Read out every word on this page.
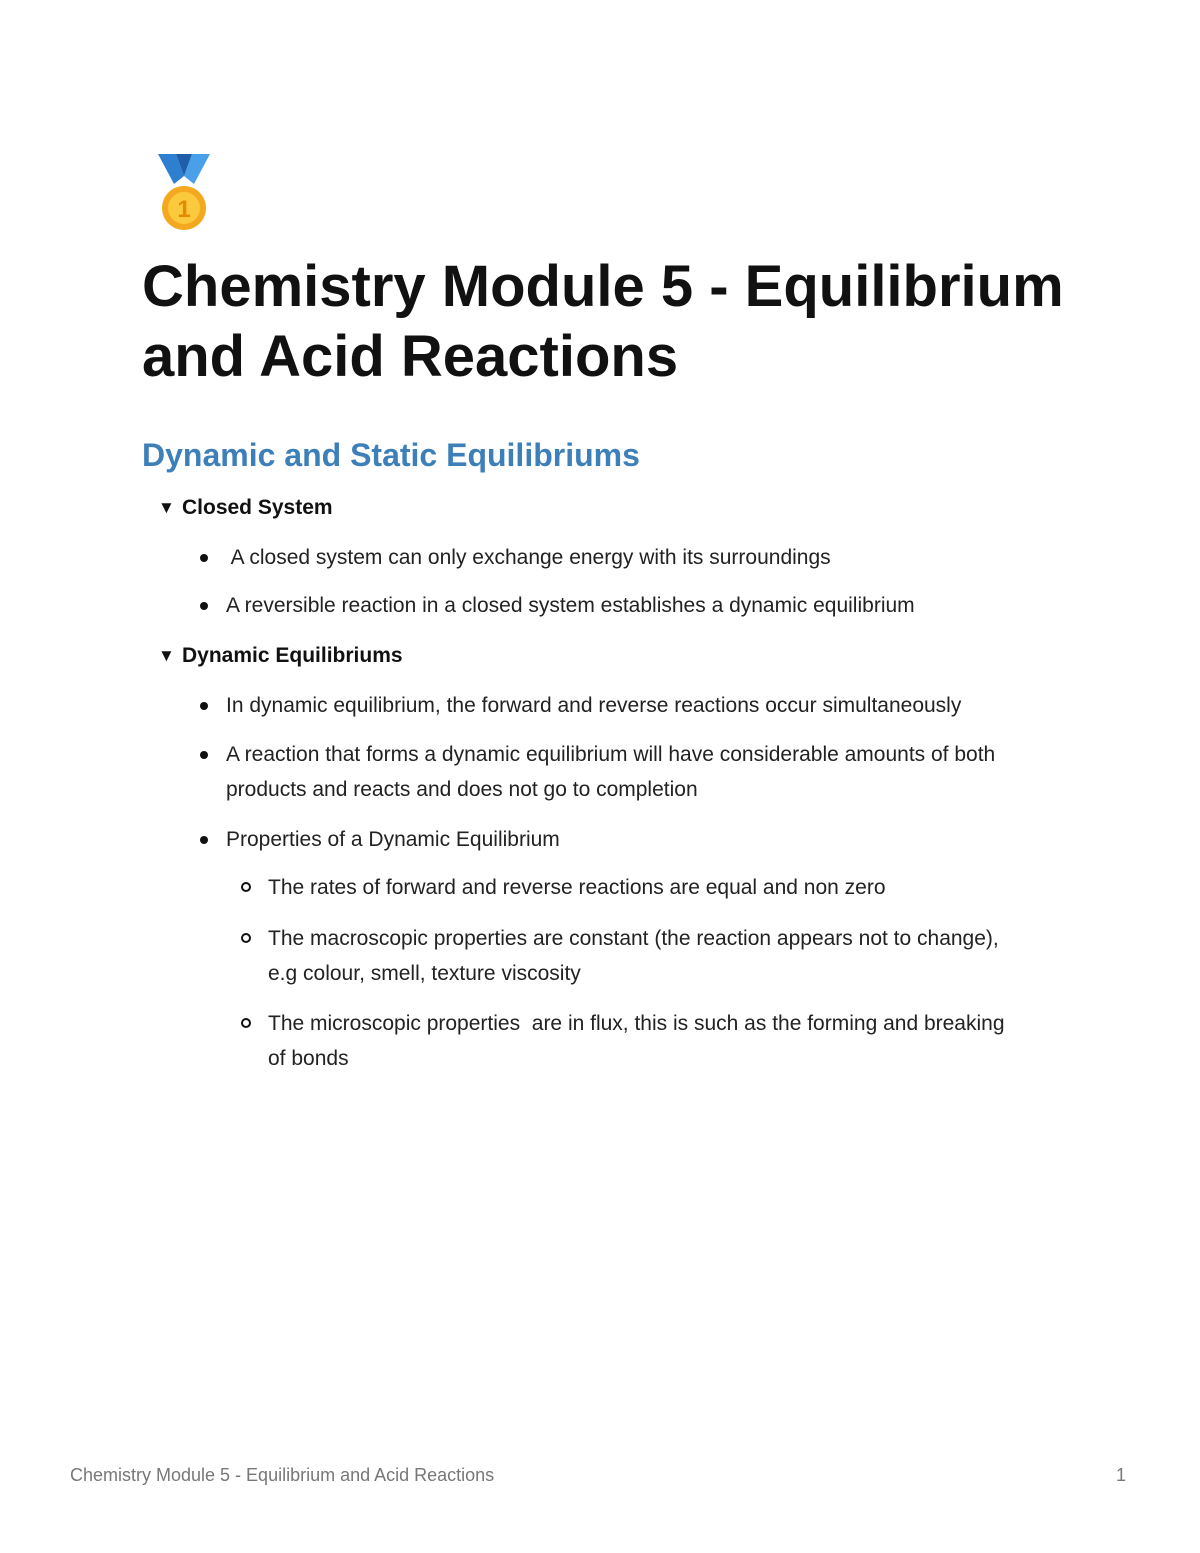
1
Chemistry Module 5 - Equilibrium and Acid Reactions
Dynamic and Static Equilibriums
▼ Closed System
A closed system can only exchange energy with its surroundings
A reversible reaction in a closed system establishes a dynamic equilibrium
▼ Dynamic Equilibriums
In dynamic equilibrium, the forward and reverse reactions occur simultaneously
A reaction that forms a dynamic equilibrium will have considerable amounts of both products and reacts and does not go to completion
Properties of a Dynamic Equilibrium
The rates of forward and reverse reactions are equal and non zero
The macroscopic properties are constant (the reaction appears not to change), e.g colour, smell, texture viscosity
The microscopic properties  are in flux, this is such as the forming and breaking of bonds
Chemistry Module 5 - Equilibrium and Acid Reactions	1
